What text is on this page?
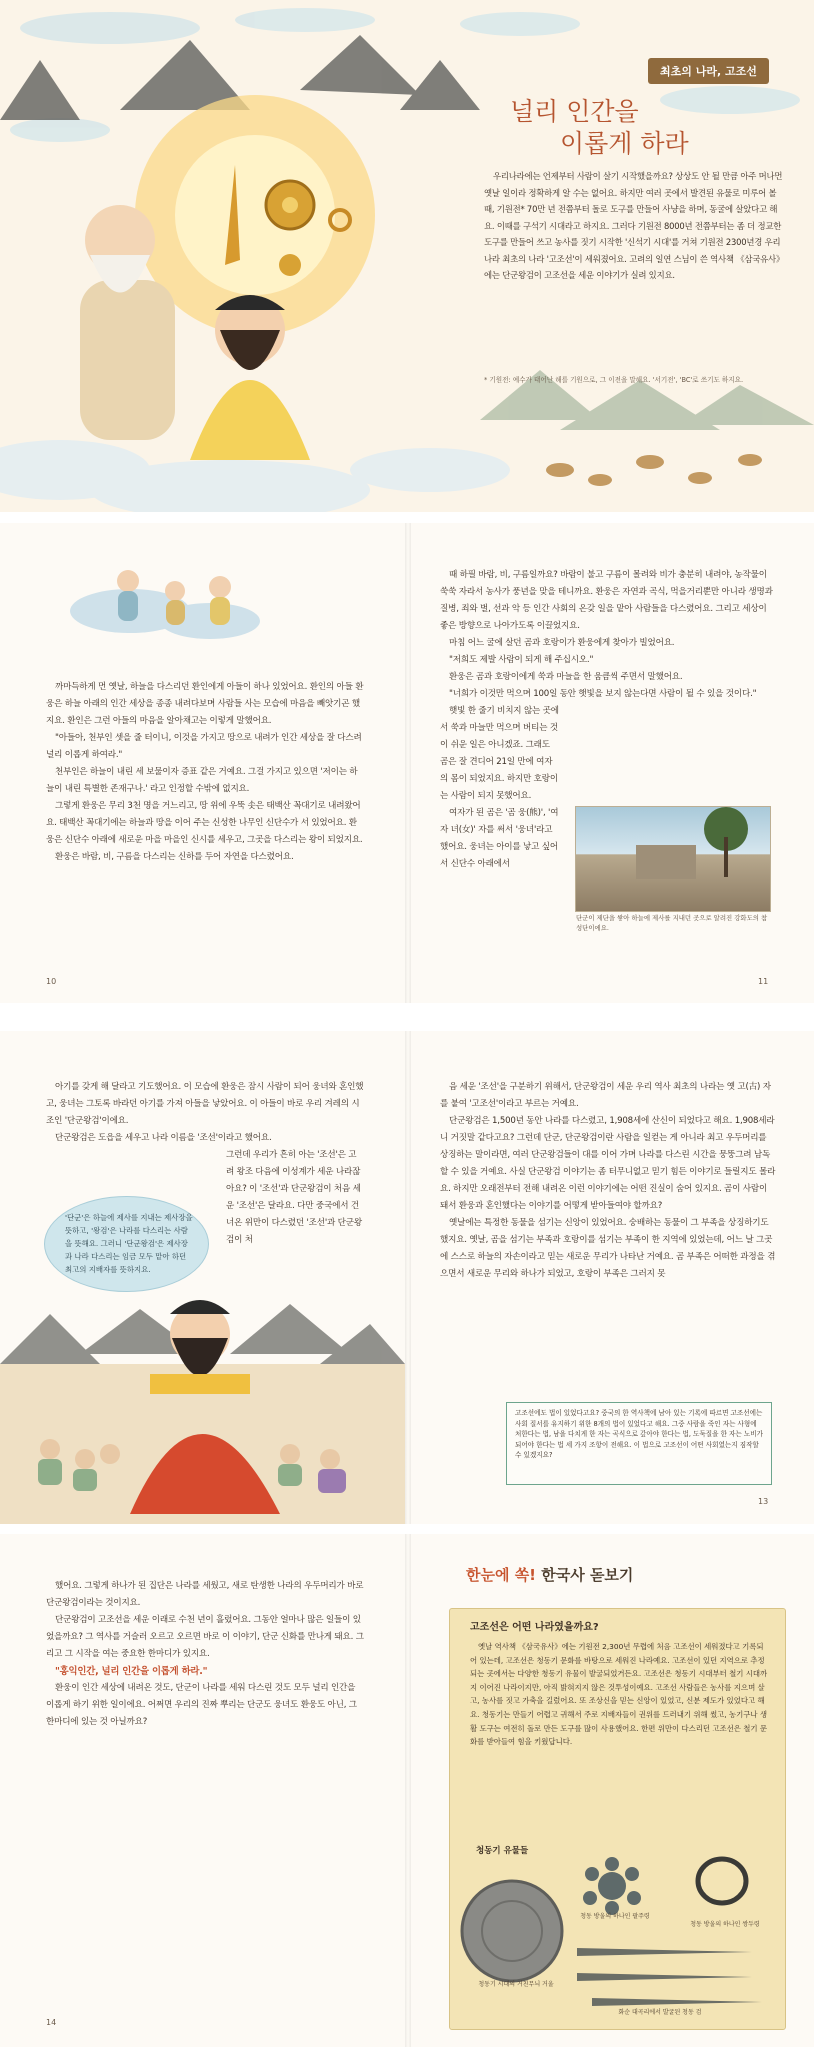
최초의 나라, 고조선
널리 인간을
이롭게 하라

우리나라에는 언제부터 사람이 살기 시작했을까요? 상상도 안 될 만큼 아주 머나먼 옛날 일이라 정확하게 알 수는 없어요. 하지만 여러 곳에서 발견된 유물로 미루어 볼 때, 기원전* 70만 년 전쯤부터 돌로 도구를 만들어 사냥을 하며, 동굴에 살았다고 해요. 이때를 구석기 시대라고 하지요. 그러다 기원전 8000년 전쯤부터는 좀 더 정교한 도구를 만들어 쓰고 농사를 짓기 시작한 '신석기 시대'를 거쳐 기원전 2300년경 우리나라 최초의 나라 '고조선'이 세워졌어요. 고려의 일연 스님이 쓴 역사책 《삼국유사》에는 단군왕검이 고조선을 세운 이야기가 실려 있지요.

* 기원전: 예수가 태어난 해를 기원으로, 그 이전을 말해요. '서기전', 'BC'로 쓰기도 하지요.

까마득하게 먼 옛날, 하늘을 다스리던 환인에게 아들이 하나 있었어요. 환인의 아들 환웅은 하늘 아래의 인간 세상을 종종 내려다보며 사람들 사는 모습에 마음을 빼앗기곤 했지요. 환인은 그런 아들의 마음을 알아채고는 이렇게 말했어요.

"아들아, 천부인 셋을 줄 터이니, 이것을 가지고 땅으로 내려가 인간 세상을 잘 다스려 널리 이롭게 하여라."

천부인은 하늘이 내린 세 보물이자 증표 같은 거예요. 그걸 가지고 있으면 '저이는 하늘이 내린 특별한 존재구나.' 라고 인정할 수밖에 없지요.

그렇게 환웅은 무리 3천 명을 거느리고, 땅 위에 우뚝 솟은 태백산 꼭대기로 내려왔어요. 태백산 꼭대기에는 하늘과 땅을 이어 주는 신성한 나무인 신단수가 서 있었어요. 환웅은 신단수 아래에 새로운 마을 마을인 신시를 세우고, 그곳을 다스리는 왕이 되었지요.

환웅은 바람, 비, 구름을 다스리는 신하를 두어 자연을 다스렸어요.

10

때 하필 바람, 비, 구름일까요? 바람이 불고 구름이 몰려와 비가 충분히 내려야, 농작물이 쑥쑥 자라서 농사가 풍년을 맞을 테니까요. 환웅은 자연과 곡식, 먹을거리뿐만 아니라 생명과 질병, 죄와 벌, 선과 악 등 인간 사회의 온갖 일을 맡아 사람들을 다스렸어요. 그리고 세상이 좋은 방향으로 나아가도록 이끌었지요.

마침 어느 굴에 살던 곰과 호랑이가 환웅에게 찾아가 빌었어요.

"저희도 제발 사람이 되게 해 주십시오."

환웅은 곰과 호랑이에게 쑥과 마늘을 한 움큼씩 주면서 말했어요.

"너희가 이것만 먹으며 100일 동안 햇빛을 보지 않는다면 사람이 될 수 있을 것이다."

햇빛 한 줄기 비치지 않는 곳에서 쑥과 마늘만 먹으며 버티는 것이 쉬운 일은 아니겠죠. 그래도 곰은 잘 견디어 21일 만에 여자의 몸이 되었지요. 하지만 호랑이는 사람이 되지 못했어요.

여자가 된 곰은 '곰 웅(熊)', '여자 녀(女)' 자를 써서 '웅녀'라고 했어요. 웅녀는 아이를 낳고 싶어서 신단수 아래에서

단군이 제단을 쌓아 하늘에 제사를 지내던 곳으로 알려진 강화도의 참성단이에요.
11

아기를 갖게 해 달라고 기도했어요. 이 모습에 환웅은 잠시 사람이 되어 웅녀와 혼인했고, 웅녀는 그토록 바라던 아기를 가져 아들을 낳았어요. 이 아들이 바로 우리 겨레의 시조인 '단군왕검'이에요.

단군왕검은 도읍을 세우고 나라 이름을 '조선'이라고 했어요.

그런데 우리가 흔히 아는 '조선'은 고려 왕조 다음에 이성계가 세운 나라잖아요? 이 '조선'과 단군왕검이 처음 세운 '조선'은 달라요. 다만 중국에서 건너온 위만이 다스렸던 '조선'과 단군왕검이 처

'단군'은 하늘에 제사를 지내는 제사장을 뜻하고, '왕검'은 나라를 다스리는 사람을 뜻해요. 그러니 '단군왕검'은 제사장과 나라 다스리는 임금 모두 맡아 하던 최고의 지배자를 뜻하지요.

음 세운 '조선'을 구분하기 위해서, 단군왕검이 세운 우리 역사 최초의 나라는 옛 고(古) 자를 붙여 '고조선'이라고 부르는 거예요.

단군왕검은 1,500년 동안 나라를 다스렸고, 1,908세에 산신이 되었다고 해요. 1,908세라니 거짓말 같다고요? 그런데 단군, 단군왕검이란 사람을 일컫는 게 아니라 최고 우두머리를 상징하는 말이라면, 여러 단군왕검들이 대를 이어 가며 나라를 다스린 시간을 뭉뚱그려 남독할 수 있을 거예요. 사실 단군왕검 이야기는 좀 터무니없고 믿기 힘든 이야기로 들릴지도 몰라요. 하지만 오래전부터 전해 내려온 이런 이야기에는 어떤 진실이 숨어 있지요. 곰이 사람이 돼서 환웅과 혼인했다는 이야기를 어떻게 받아들여야 할까요?

옛날에는 특정한 동물을 섬기는 신앙이 있었어요. 숭배하는 동물이 그 부족을 상징하기도 했지요. 옛날, 곰을 섬기는 부족과 호랑이를 섬기는 부족이 한 지역에 있었는데, 어느 날 그곳에 스스로 하늘의 자손이라고 믿는 새로운 무리가 나타난 거예요. 곰 부족은 어떠한 과정을 겪으면서 새로운 무리와 하나가 되었고, 호랑이 부족은 그러지 못

고조선에도 법이 있었다고요? 중국의 한 역사책에 남아 있는 기록에 따르면 고조선에는 사회 질서를 유지하기 위한 8개의 법이 있었다고 해요. 그중 사람을 죽인 자는 사형에 처한다는 법, 남을 다치게 한 자는 곡식으로 갚아야 한다는 법, 도둑질을 한 자는 노비가 되어야 한다는 법 세 가지 조항이 전해요. 이 법으로 고조선이 어떤 사회였는지 짐작할 수 있겠지요?
13

했어요. 그렇게 하나가 된 집단은 나라를 세웠고, 새로 탄생한 나라의 우두머리가 바로 단군왕검이라는 것이지요.

단군왕검이 고조선을 세운 이래로 수천 년이 흘렀어요. 그동안 얼마나 많은 일들이 있었을까요? 그 역사를 거슬러 오르고 오르면 바로 이 이야기, 단군 신화를 만나게 돼요. 그리고 그 시작을 여는 중요한 한마디가 있지요.

"홍익인간, 널리 인간을 이롭게 하라."

환웅이 인간 세상에 내려온 것도, 단군이 나라를 세워 다스린 것도 모두 널리 인간을 이롭게 하기 위한 일이에요. 어쩌면 우리의 진짜 뿌리는 단군도 웅녀도 환웅도 아닌, 그 한마디에 있는 것 아닐까요?

14
한눈에 쏙! 한국사 돋보기
고조선은 어떤 나라였을까요?

옛날 역사책 《삼국유사》에는 기원전 2,300년 무렵에 처음 고조선이 세워졌다고 기록되어 있는데, 고조선은 청동기 문화를 바탕으로 세워진 나라예요. 고조선이 있던 지역으로 추정되는 곳에서는 다양한 청동기 유물이 발굴되었거든요. 고조선은 청동기 시대부터 철기 시대까지 이어진 나라이지만, 아직 밝혀지지 않은 것투성이예요. 고조선 사람들은 농사를 지으며 살고, 농사를 짓고 가축을 길렀어요. 또 조상신을 믿는 신앙이 있었고, 신분 제도가 있었다고 해요. 청동기는 만들기 어렵고 귀해서 주로 지배자들이 권위를 드러내기 위해 썼고, 농기구나 생활 도구는 여전히 돌로 만든 도구를 많이 사용했어요. 한편 위만이 다스리던 고조선은 철기 문화를 받아들여 힘을 키웠답니다.

청동기 유물들
청동 방울의 하나인 팔주령
청동 방울의 하나인 쌍두령
청동기 시대의 거친무늬 거울
화순 대곡리에서 발굴된 청동 검
